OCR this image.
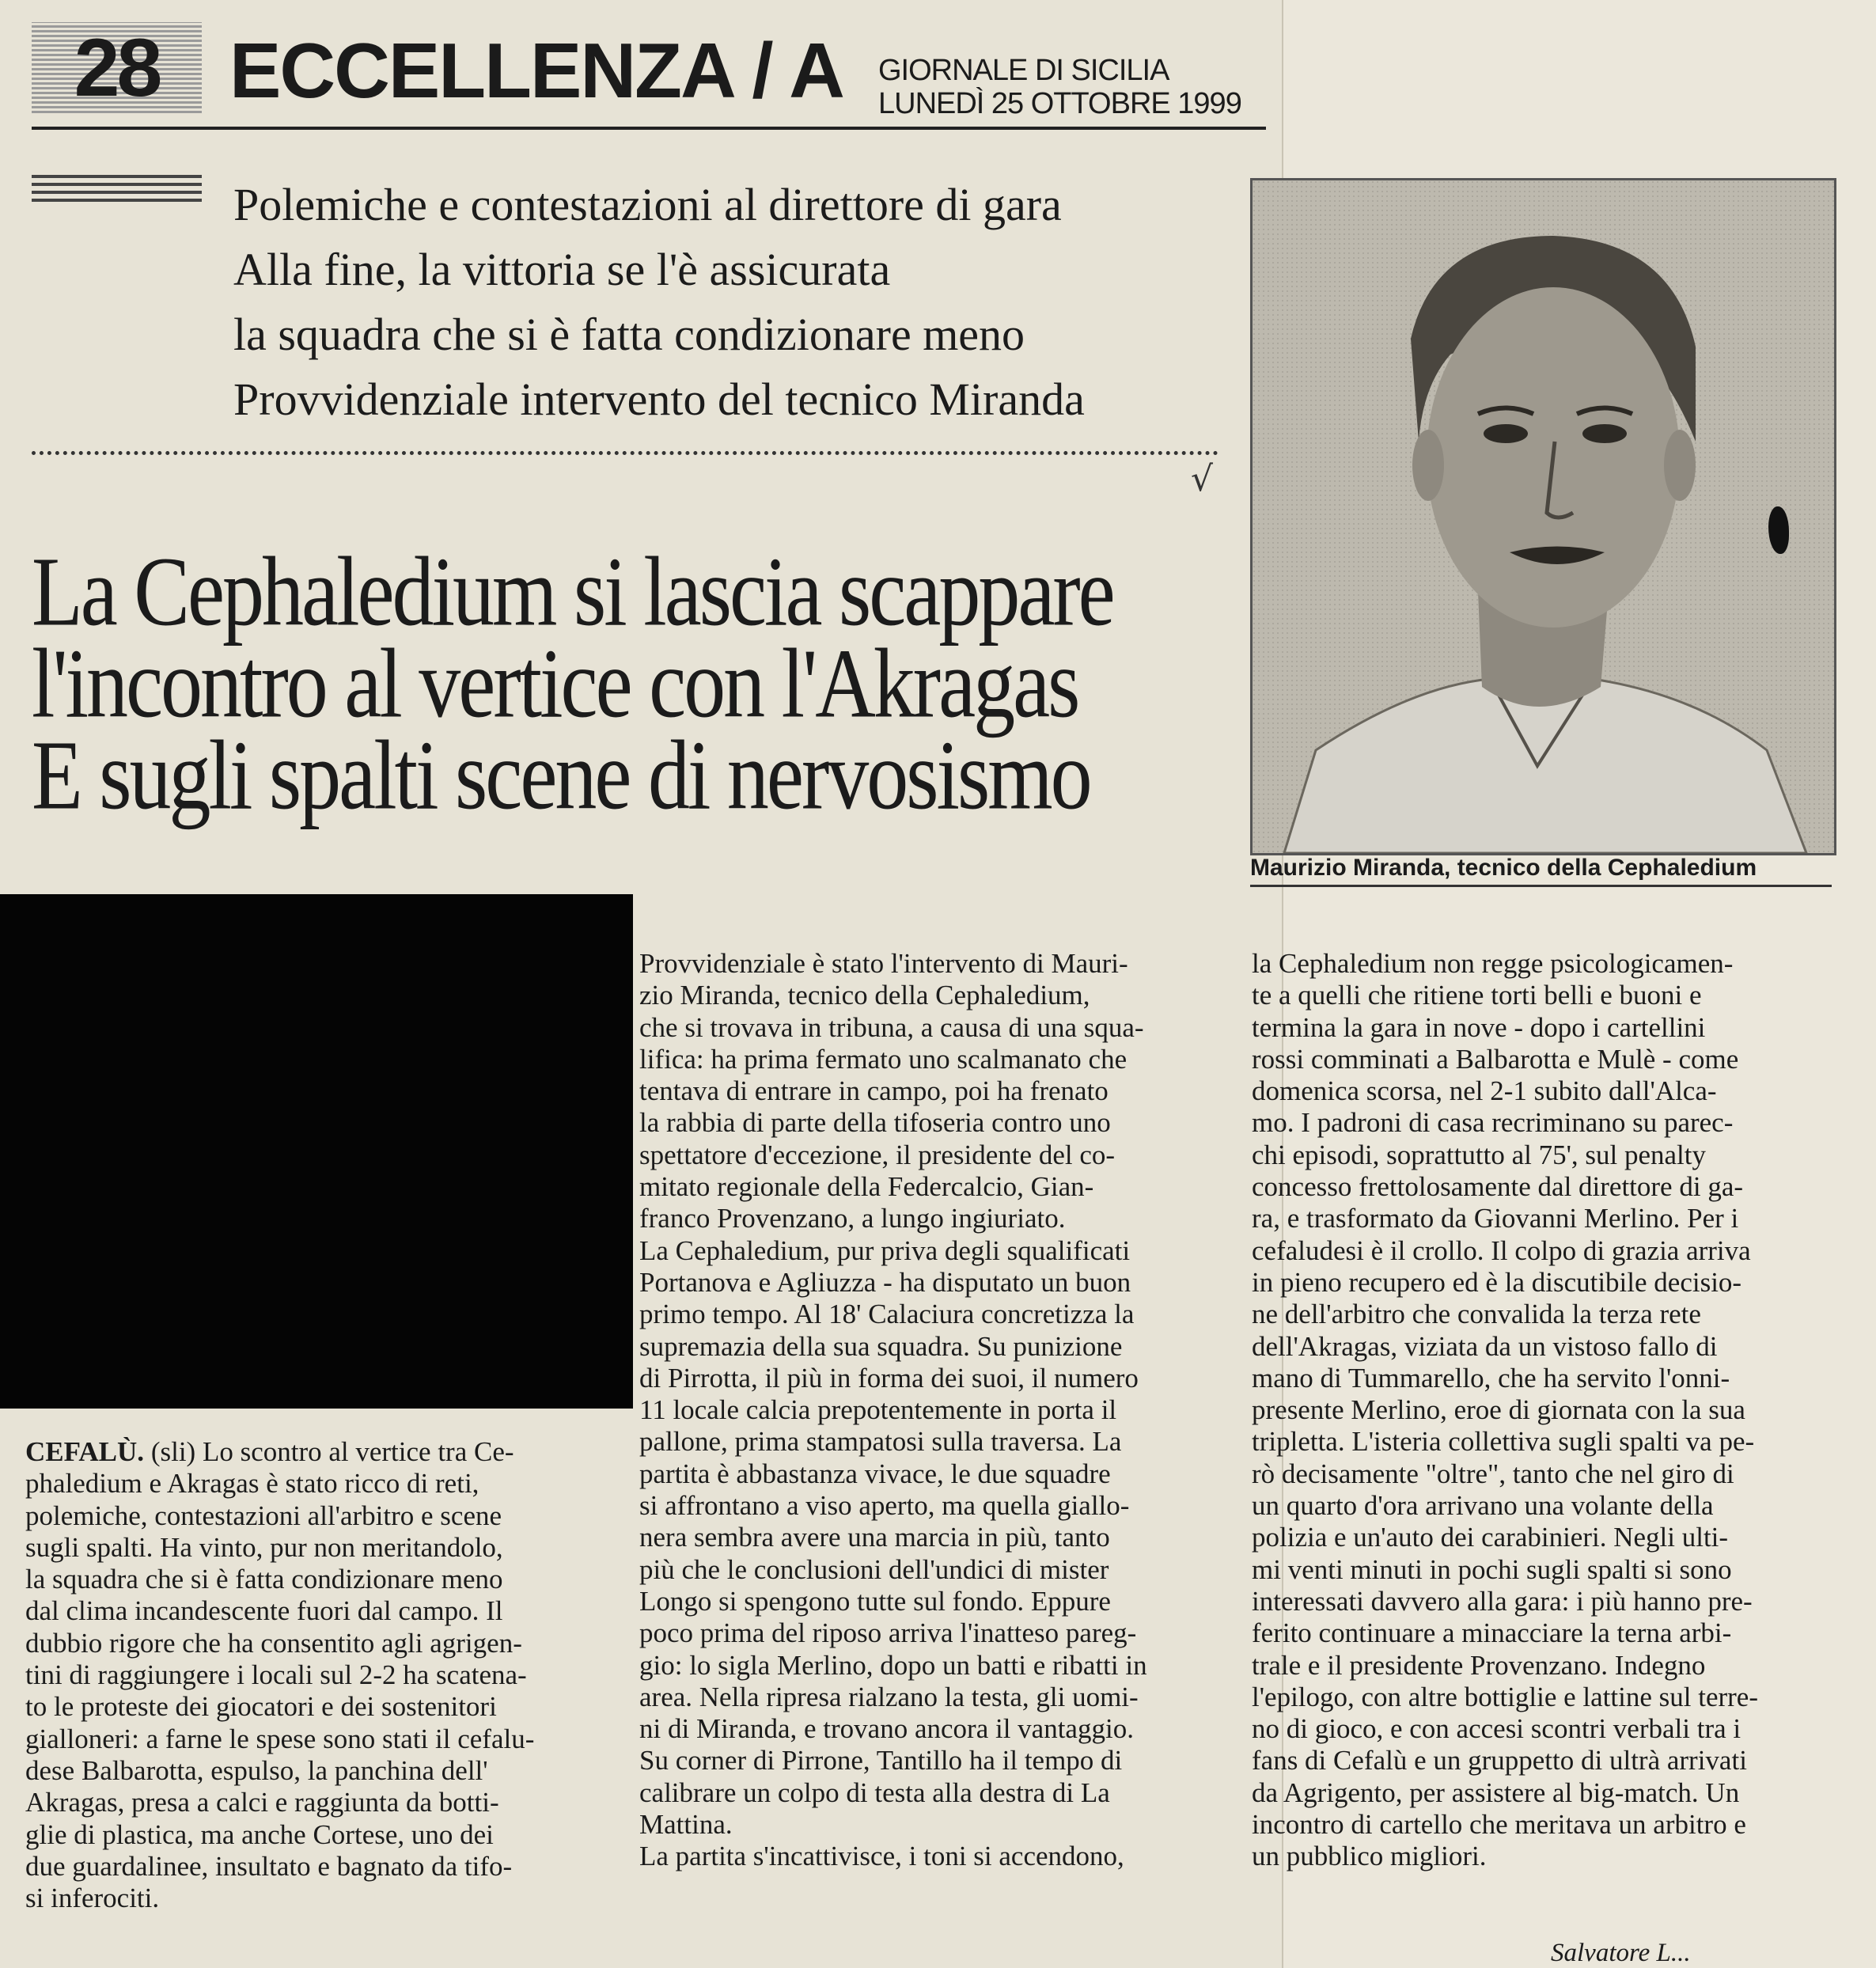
28 ECCELLENZA / A GIORNALE DI SICILIA
LUNEDÌ 25 OTTOBRE 1999
Polemiche e contestazioni al direttore di gara
Alla fine, la vittoria se l'è assicurata
la squadra che si è fatta condizionare meno
Provvidenziale intervento del tecnico Miranda
√
La Cephaledium si lascia scappare
l'incontro al vertice con l'Akragas
E sugli spalti scene di nervosismo
Maurizio Miranda, tecnico della Cephaledium
CEFALÙ. (sli) Lo scontro al vertice tra Ce-
phaledium e Akragas è stato ricco di reti,
polemiche, contestazioni all'arbitro e scene
sugli spalti. Ha vinto, pur non meritandolo,
la squadra che si è fatta condizionare meno
dal clima incandescente fuori dal campo. Il
dubbio rigore che ha consentito agli agrigen-
tini di raggiungere i locali sul 2-2 ha scatena-
to le proteste dei giocatori e dei sostenitori
gialloneri: a farne le spese sono stati il cefalu-
dese Balbarotta, espulso, la panchina dell'
Akragas, presa a calci e raggiunta da botti-
glie di plastica, ma anche Cortese, uno dei
due guardalinee, insultato e bagnato da tifo-
si inferociti.
Provvidenziale è stato l'intervento di Mauri-
zio Miranda, tecnico della Cephaledium,
che si trovava in tribuna, a causa di una squa-
lifica: ha prima fermato uno scalmanato che
tentava di entrare in campo, poi ha frenato
la rabbia di parte della tifoseria contro uno
spettatore d'eccezione, il presidente del co-
mitato regionale della Federcalcio, Gian-
franco Provenzano, a lungo ingiuriato.
La Cephaledium, pur priva degli squalificati
Portanova e Agliuzza - ha disputato un buon
primo tempo. Al 18' Calaciura concretizza la
supremazia della sua squadra. Su punizione
di Pirrotta, il più in forma dei suoi, il numero
11 locale calcia prepotentemente in porta il
pallone, prima stampatosi sulla traversa. La
partita è abbastanza vivace, le due squadre
si affrontano a viso aperto, ma quella giallo-
nera sembra avere una marcia in più, tanto
più che le conclusioni dell'undici di mister
Longo si spengono tutte sul fondo. Eppure
poco prima del riposo arriva l'inatteso pareg-
gio: lo sigla Merlino, dopo un batti e ribatti in
area. Nella ripresa rialzano la testa, gli uomi-
ni di Miranda, e trovano ancora il vantaggio.
Su corner di Pirrone, Tantillo ha il tempo di
calibrare un colpo di testa alla destra di La
Mattina.
La partita s'incattivisce, i toni si accendono,
la Cephaledium non regge psicologicamen-
te a quelli che ritiene torti belli e buoni e
termina la gara in nove - dopo i cartellini
rossi comminati a Balbarotta e Mulè - come
domenica scorsa, nel 2-1 subito dall'Alca-
mo. I padroni di casa recriminano su parec-
chi episodi, soprattutto al 75', sul penalty
concesso frettolosamente dal direttore di ga-
ra, e trasformato da Giovanni Merlino. Per i
cefaludesi è il crollo. Il colpo di grazia arriva
in pieno recupero ed è la discutibile decisio-
ne dell'arbitro che convalida la terza rete
dell'Akragas, viziata da un vistoso fallo di
mano di Tummarello, che ha servito l'onni-
presente Merlino, eroe di giornata con la sua
tripletta. L'isteria collettiva sugli spalti va pe-
rò decisamente "oltre", tanto che nel giro di
un quarto d'ora arrivano una volante della
polizia e un'auto dei carabinieri. Negli ulti-
mi venti minuti in pochi sugli spalti si sono
interessati davvero alla gara: i più hanno pre-
ferito continuare a minacciare la terna arbi-
trale e il presidente Provenzano. Indegno
l'epilogo, con altre bottiglie e lattine sul terre-
no di gioco, e con accesi scontri verbali tra i
fans di Cefalù e un gruppetto di ultrà arrivati
da Agrigento, per assistere al big-match. Un
incontro di cartello che meritava un arbitro e
un pubblico migliori.
Salvatore L...
